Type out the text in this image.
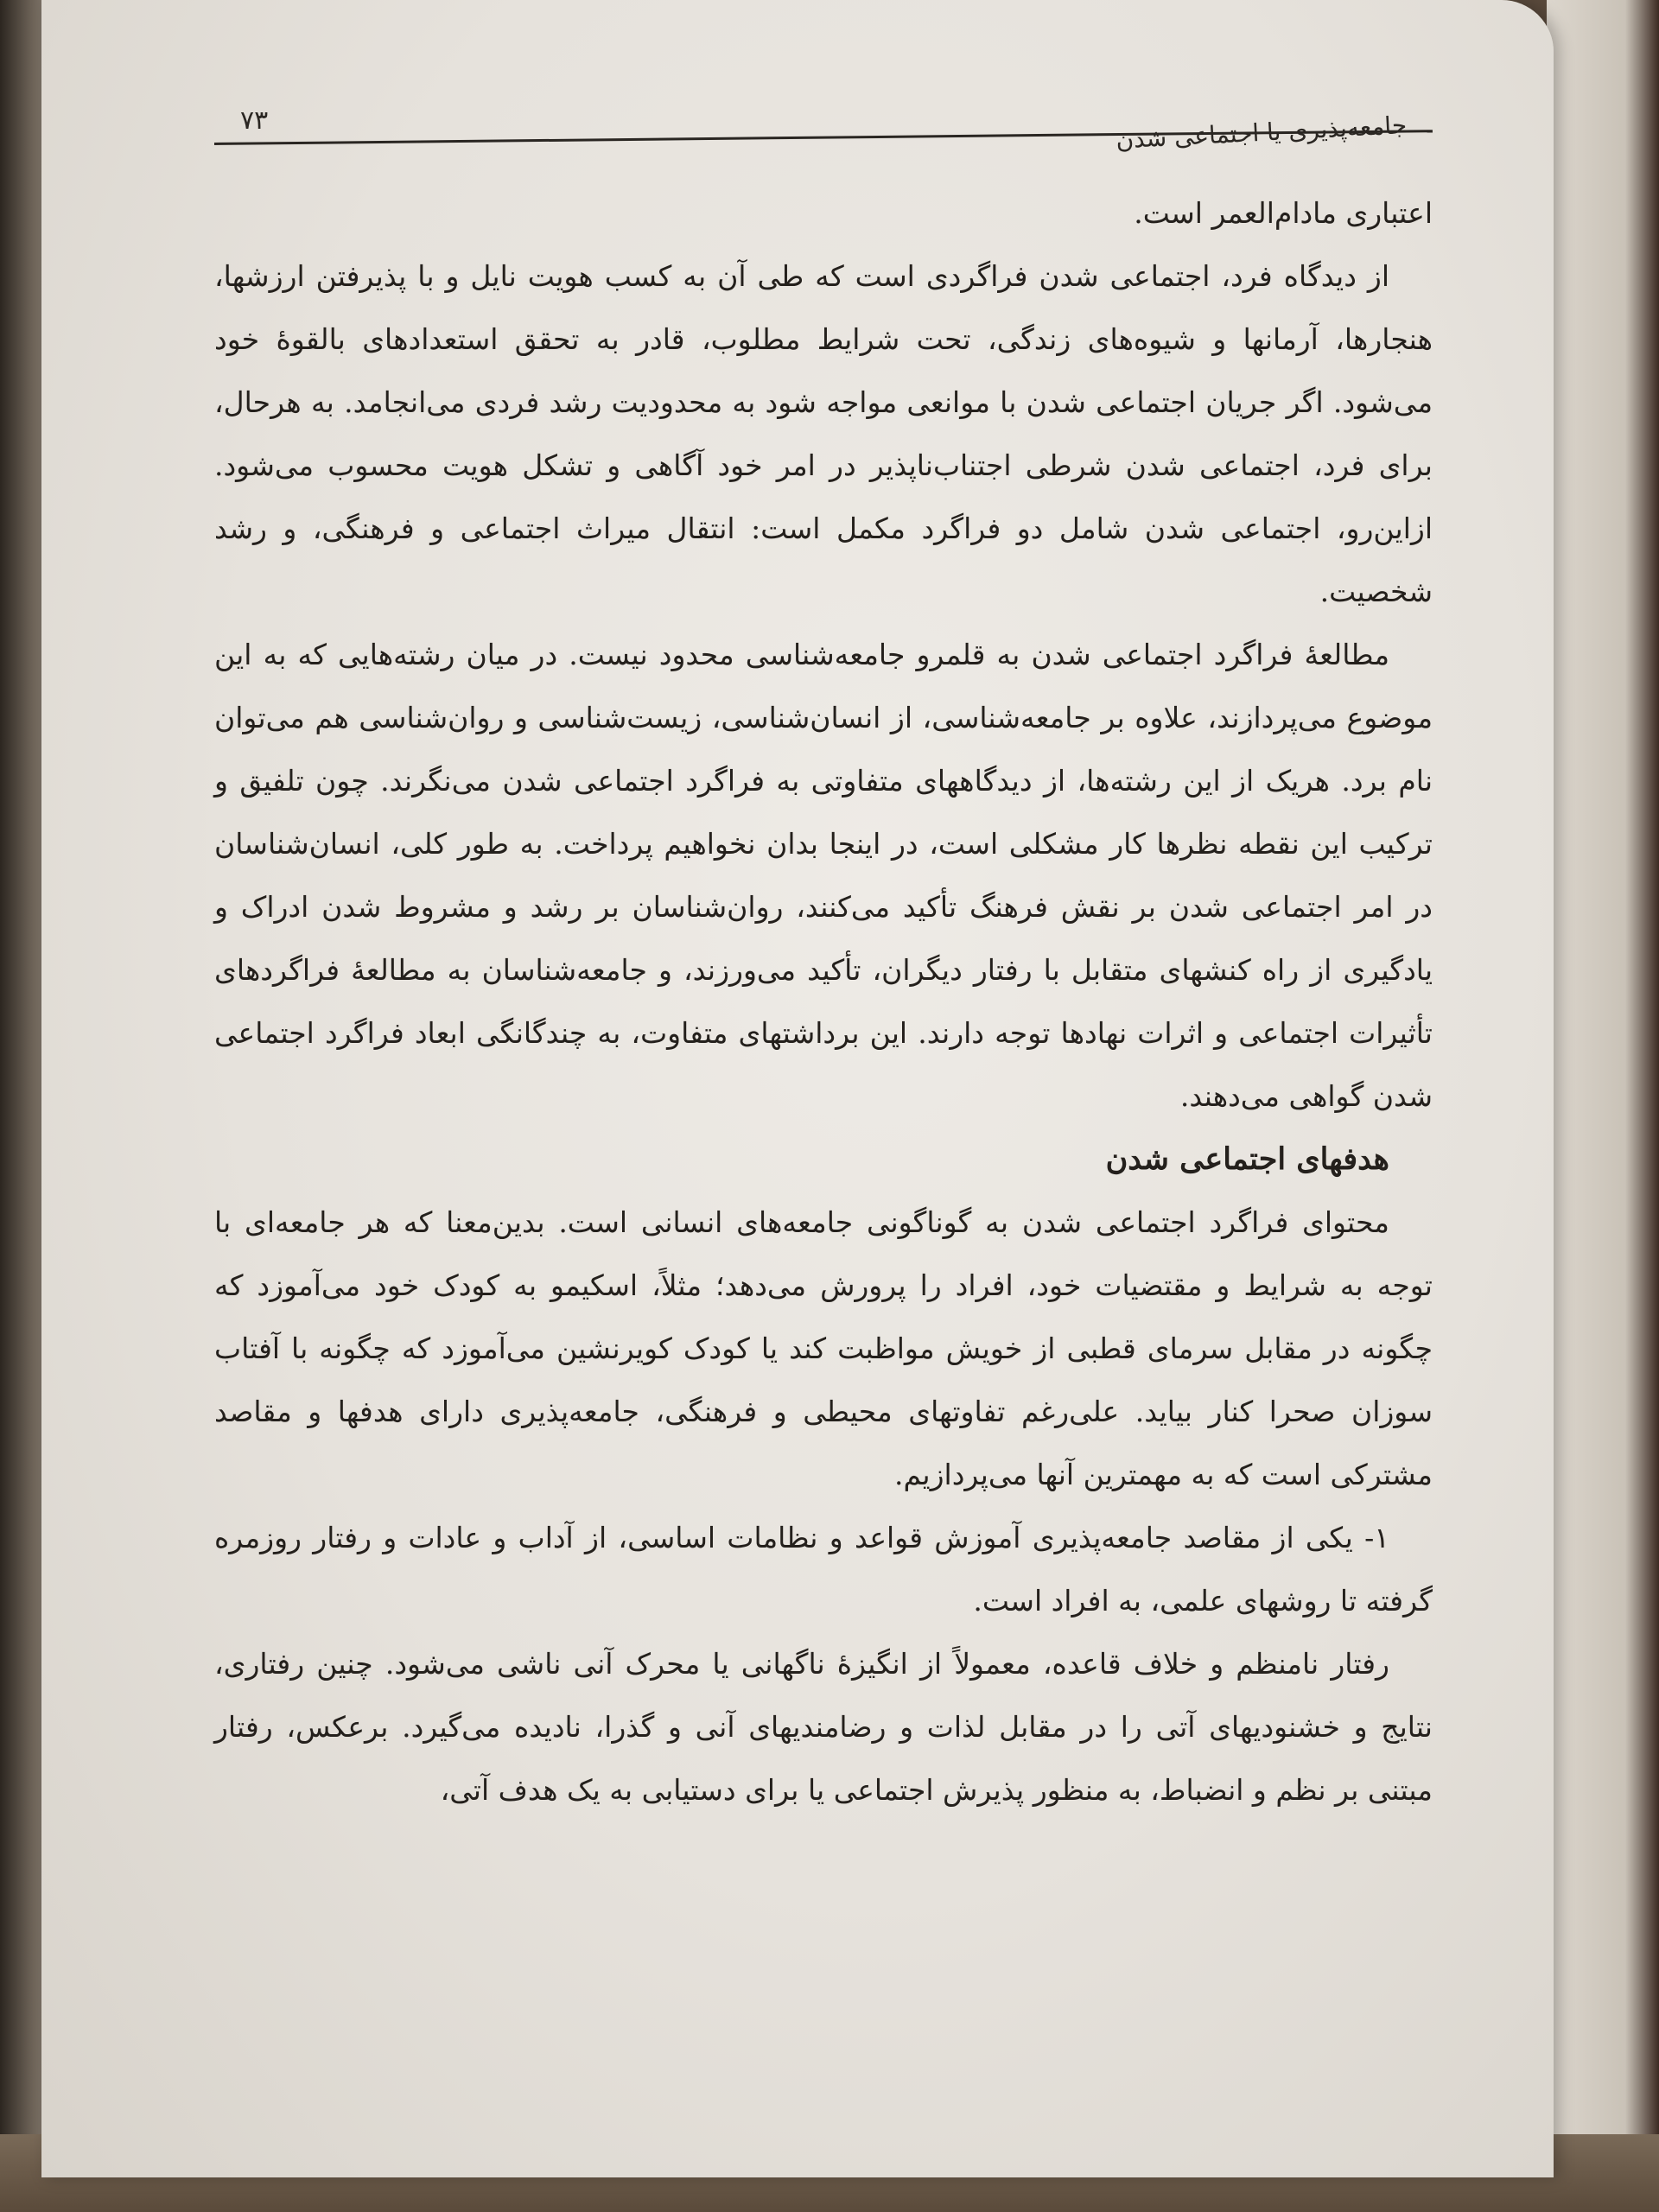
جامعه‌پذیری یا اجتماعی شدن
۷۳

اعتباری مادام‌العمر است.

از دیدگاه فرد، اجتماعی شدن فراگردی است که طی آن به کسب هویت نایل و با پذیرفتن ارزشها، هنجارها، آرمانها و شیوه‌های زندگی، تحت شرایط مطلوب، قادر به تحقق استعدادهای بالقوهٔ خود می‌شود. اگر جریان اجتماعی شدن با موانعی مواجه شود به محدودیت رشد فردی می‌انجامد. به هرحال، برای فرد، اجتماعی شدن شرطی اجتناب‌ناپذیر در امر خود آگاهی و تشکل هویت محسوب می‌شود. ازاین‌رو، اجتماعی شدن شامل دو فراگرد مکمل است: انتقال میراث اجتماعی و فرهنگی، و رشد شخصیت.

مطالعهٔ فراگرد اجتماعی شدن به قلمرو جامعه‌شناسی محدود نیست. در میان رشته‌هایی که به این موضوع می‌پردازند، علاوه بر جامعه‌شناسی، از انسان‌شناسی، زیست‌شناسی و روان‌شناسی هم می‌توان نام برد. هریک از این رشته‌ها، از دیدگاههای متفاوتی به فراگرد اجتماعی شدن می‌نگرند. چون تلفیق و ترکیب این نقطه نظرها کار مشکلی است، در اینجا بدان نخواهیم پرداخت. به طور کلی، انسان‌شناسان در امر اجتماعی شدن بر نقش فرهنگ تأکید می‌کنند، روان‌شناسان بر رشد و مشروط شدن ادراک و یادگیری از راه کنشهای متقابل با رفتار دیگران، تأکید می‌ورزند، و جامعه‌شناسان به مطالعهٔ فراگردهای تأثیرات اجتماعی و اثرات نهادها توجه دارند. این برداشتهای متفاوت، به چندگانگی ابعاد فراگرد اجتماعی شدن گواهی می‌دهند.

هدفهای اجتماعی شدن

محتوای فراگرد اجتماعی شدن به گوناگونی جامعه‌های انسانی است. بدین‌معنا که هر جامعه‌ای با توجه به شرایط و مقتضیات خود، افراد را پرورش می‌دهد؛ مثلاً، اسکیمو به کودک خود می‌آموزد که چگونه در مقابل سرمای قطبی از خویش مواظبت کند یا کودک کویرنشین می‌آموزد که چگونه با آفتاب سوزان صحرا کنار بیاید. علی‌رغم تفاوتهای محیطی و فرهنگی، جامعه‌پذیری دارای هدفها و مقاصد مشترکی است که به مهمترین آنها می‌پردازیم.

۱- یکی از مقاصد جامعه‌پذیری آموزش قواعد و نظامات اساسی، از آداب و عادات و رفتار روزمره گرفته تا روشهای علمی، به افراد است.

رفتار نامنظم و خلاف قاعده، معمولاً از انگیزهٔ ناگهانی یا محرک آنی ناشی می‌شود. چنین رفتاری، نتایج و خشنودیهای آتی را در مقابل لذات و رضامندیهای آنی و گذرا، نادیده می‌گیرد. برعکس، رفتار مبتنی بر نظم و انضباط، به منظور پذیرش اجتماعی یا برای دستیابی به یک هدف آتی،
